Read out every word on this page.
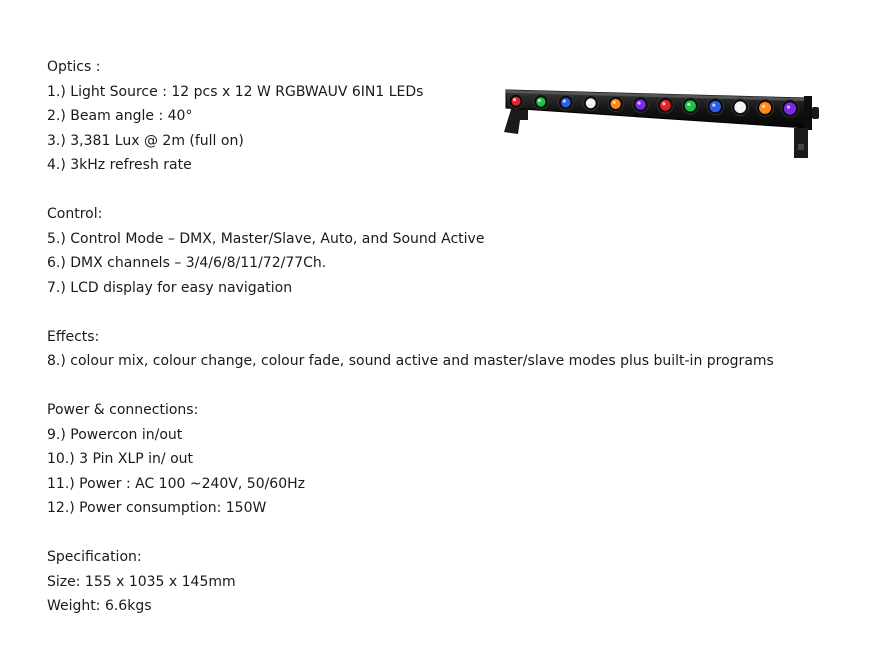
Optics :
1.) Light Source : 12 pcs x 12 W RGBWAUV 6IN1 LEDs
2.) Beam angle : 40°
3.) 3,381 Lux @ 2m (full on)
4.) 3kHz refresh rate
Control:
5.) Control Mode – DMX, Master/Slave, Auto, and Sound Active
6.) DMX channels – 3/4/6/8/11/72/77Ch.
7.) LCD display for easy navigation
Effects:
8.) colour mix, colour change, colour fade, sound active and master/slave modes plus built-in programs
Power & connections:
9.) Powercon in/out
10.) 3 Pin XLP in/ out
11.) Power : AC 100 ~240V, 50/60Hz
12.) Power consumption: 150W
Specification:
Size: 155 x 1035 x 145mm
Weight: 6.6kgs
